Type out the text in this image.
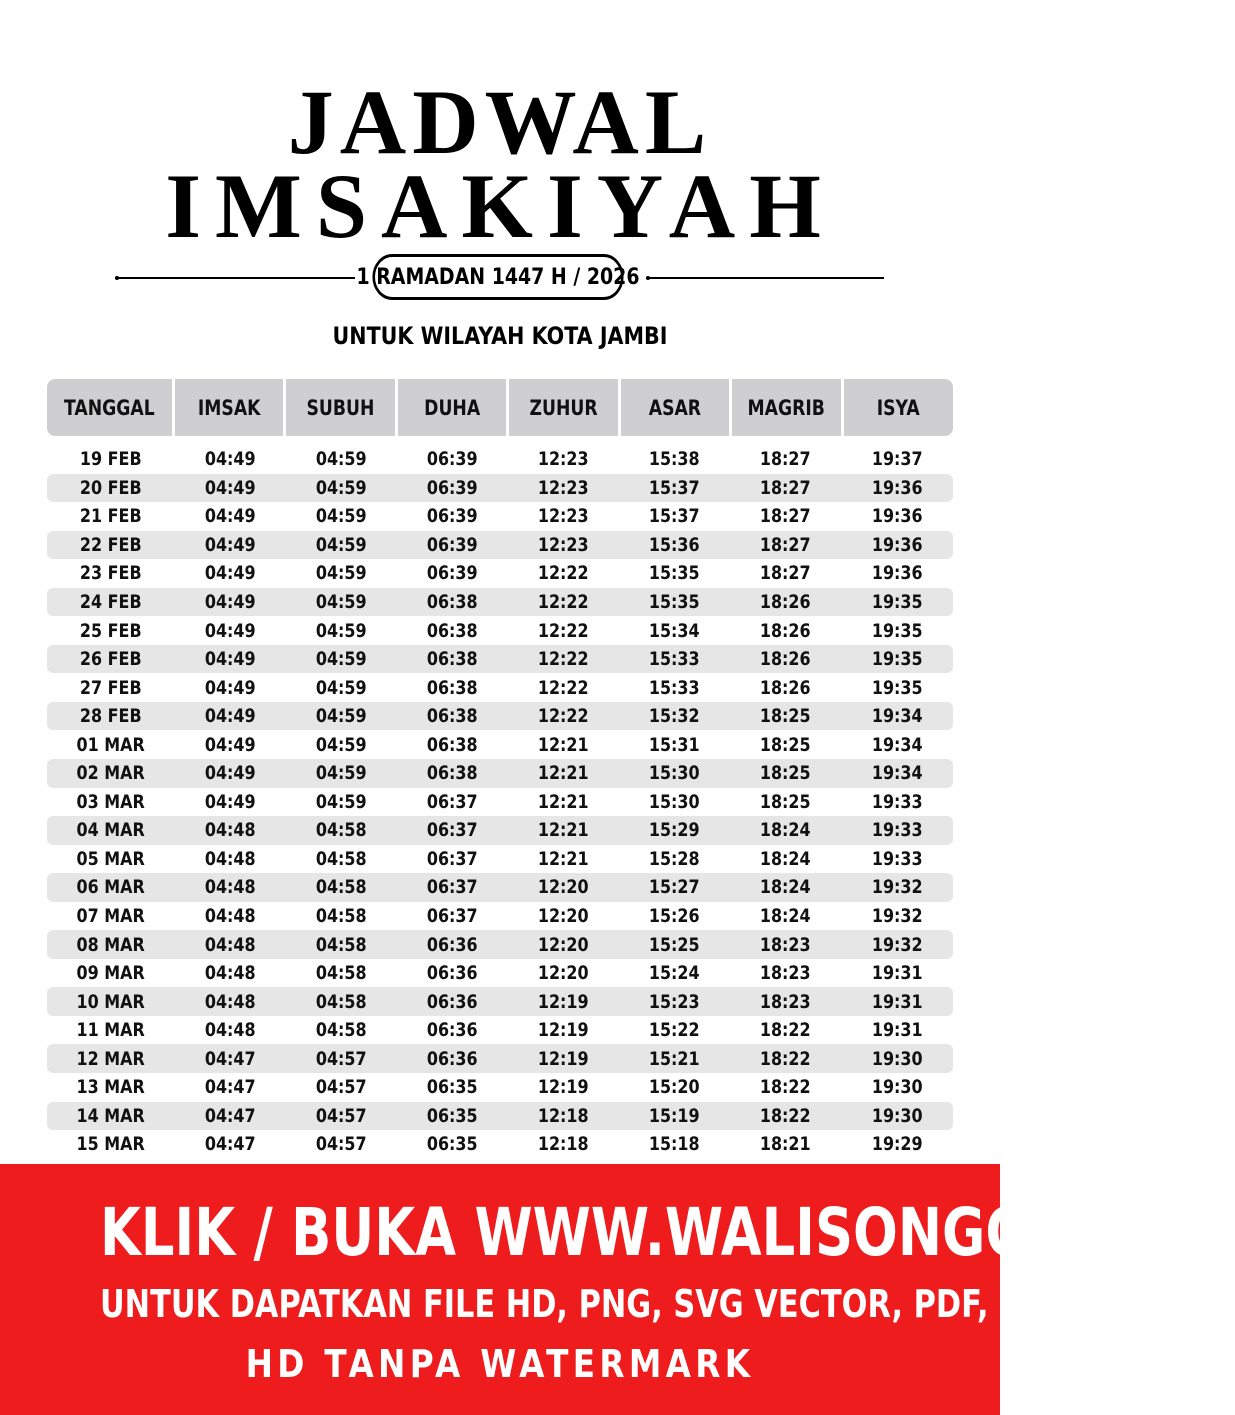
JADWAL
IMSAKIYAH
1 RAMADAN 1447 H / 2026
UNTUK WILAYAH KOTA JAMBI
TANGGAL IMSAK SUBUH DUHA ZUHUR ASAR MAGRIB ISYA
19 FEB	04:49	04:59	06:39	12:23	15:38	18:27	19:37
20 FEB	04:49	04:59	06:39	12:23	15:37	18:27	19:36
21 FEB	04:49	04:59	06:39	12:23	15:37	18:27	19:36
22 FEB	04:49	04:59	06:39	12:23	15:36	18:27	19:36
23 FEB	04:49	04:59	06:39	12:22	15:35	18:27	19:36
24 FEB	04:49	04:59	06:38	12:22	15:35	18:26	19:35
25 FEB	04:49	04:59	06:38	12:22	15:34	18:26	19:35
26 FEB	04:49	04:59	06:38	12:22	15:33	18:26	19:35
27 FEB	04:49	04:59	06:38	12:22	15:33	18:26	19:35
28 FEB	04:49	04:59	06:38	12:22	15:32	18:25	19:34
01 MAR	04:49	04:59	06:38	12:21	15:31	18:25	19:34
02 MAR	04:49	04:59	06:38	12:21	15:30	18:25	19:34
03 MAR	04:49	04:59	06:37	12:21	15:30	18:25	19:33
04 MAR	04:48	04:58	06:37	12:21	15:29	18:24	19:33
05 MAR	04:48	04:58	06:37	12:21	15:28	18:24	19:33
06 MAR	04:48	04:58	06:37	12:20	15:27	18:24	19:32
07 MAR	04:48	04:58	06:37	12:20	15:26	18:24	19:32
08 MAR	04:48	04:58	06:36	12:20	15:25	18:23	19:32
09 MAR	04:48	04:58	06:36	12:20	15:24	18:23	19:31
10 MAR	04:48	04:58	06:36	12:19	15:23	18:23	19:31
11 MAR	04:48	04:58	06:36	12:19	15:22	18:22	19:31
12 MAR	04:47	04:57	06:36	12:19	15:21	18:22	19:30
13 MAR	04:47	04:57	06:35	12:19	15:20	18:22	19:30
14 MAR	04:47	04:57	06:35	12:18	15:19	18:22	19:30
15 MAR	04:47	04:57	06:35	12:18	15:18	18:21	19:29
KLIK / BUKA WWW.WALISONGO.CO.ID
UNTUK DAPATKAN FILE HD, PNG, SVG VECTOR, PDF, WORD, EXCEL
HD TANPA WATERMARK
